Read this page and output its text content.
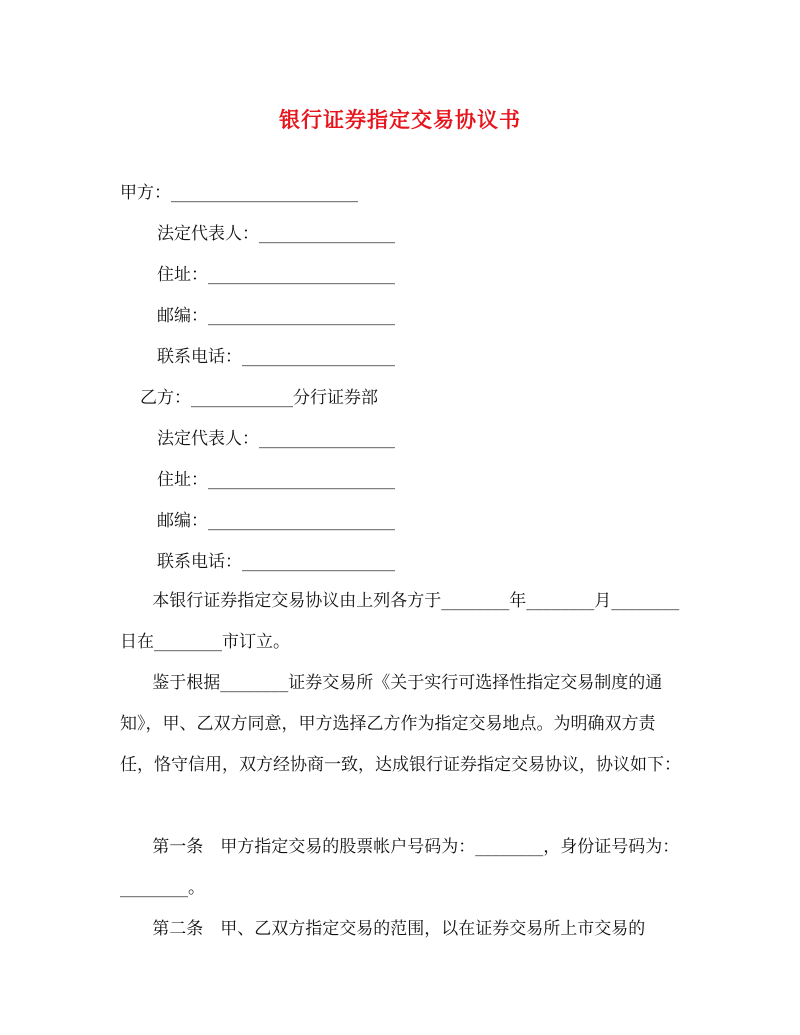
银行证券指定交易协议书
甲方：______________________
法定代表人：________________
住址：______________________
邮编：______________________
联系电话：__________________
乙方：____________分行证券部
法定代表人：________________
住址：______________________
邮编：______________________
联系电话：__________________
本银行证券指定交易协议由上列各方于________年________月________日在________市订立。
鉴于根据________证券交易所《关于实行可选择性指定交易制度的通知》，甲、乙双方同意，甲方选择乙方作为指定交易地点。为明确双方责任，恪守信用，双方经协商一致，达成银行证券指定交易协议，协议如下：
第一条　甲方指定交易的股票帐户号码为：________，身份证号码为：________。
第二条　甲、乙双方指定交易的范围，以在证券交易所上市交易的
